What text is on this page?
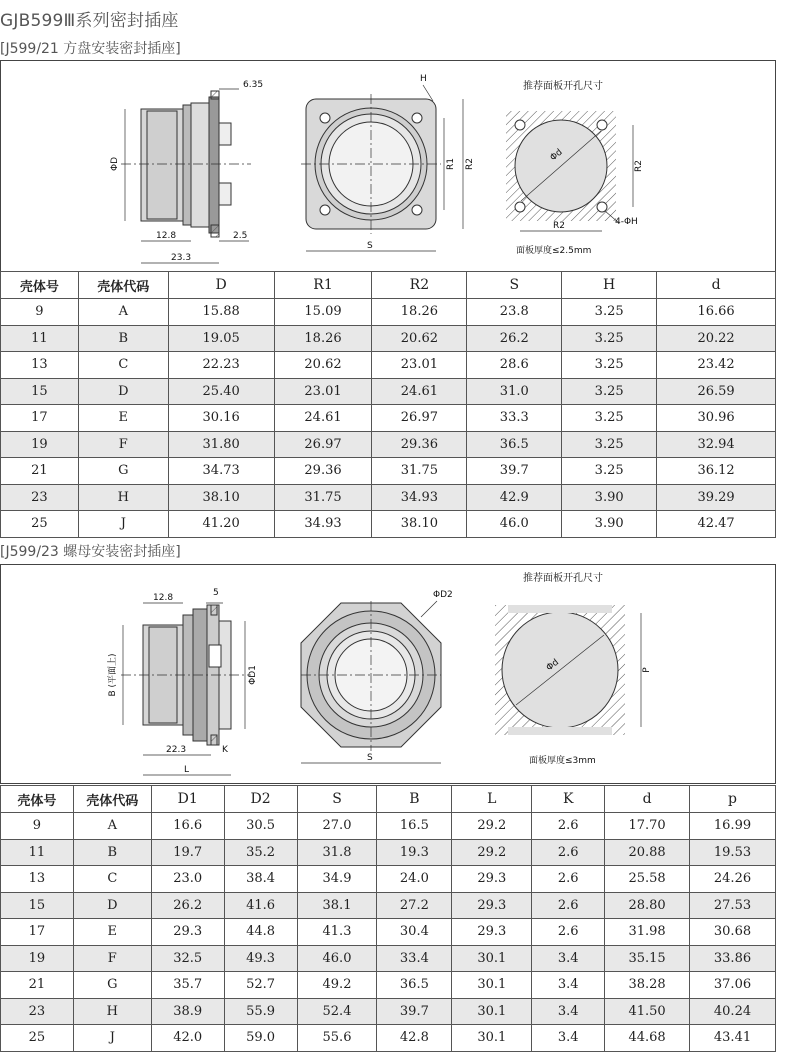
GJB599Ⅲ系列密封插座
[J599/21 方盘安装密封插座]
ΦD
6.35
12.8	2.5
23.3
S
H
R1 R2
推荐面板开孔尺寸
Φd
R2
R2	4-ΦH
面板厚度≤2.5mm
壳体号	壳体代码	D	R1	R2	S	H	d
9	A	15.88	15.09	18.26	23.8	3.25	16.66
11	B	19.05	18.26	20.62	26.2	3.25	20.22
13	C	22.23	20.62	23.01	28.6	3.25	23.42
15	D	25.40	23.01	24.61	31.0	3.25	26.59
17	E	30.16	24.61	26.97	33.3	3.25	30.96
19	F	31.80	26.97	29.36	36.5	3.25	32.94
21	G	34.73	29.36	31.75	39.7	3.25	36.12
23	H	38.10	31.75	34.93	42.9	3.90	39.29
25	J	41.20	34.93	38.10	46.0	3.90	42.47
[J599/23 螺母安装密封插座]
12.8	5
B (平面上)	ΦD1
22.3	K
L
ΦD2
S
推荐面板开孔尺寸
Φd	P
面板厚度≤3mm
壳体号	壳体代码	D1	D2	S	B	L	K	d	p
9	A	16.6	30.5	27.0	16.5	29.2	2.6	17.70	16.99
11	B	19.7	35.2	31.8	19.3	29.2	2.6	20.88	19.53
13	C	23.0	38.4	34.9	24.0	29.3	2.6	25.58	24.26
15	D	26.2	41.6	38.1	27.2	29.3	2.6	28.80	27.53
17	E	29.3	44.8	41.3	30.4	29.3	2.6	31.98	30.68
19	F	32.5	49.3	46.0	33.4	30.1	3.4	35.15	33.86
21	G	35.7	52.7	49.2	36.5	30.1	3.4	38.28	37.06
23	H	38.9	55.9	52.4	39.7	30.1	3.4	41.50	40.24
25	J	42.0	59.0	55.6	42.8	30.1	3.4	44.68	43.41
